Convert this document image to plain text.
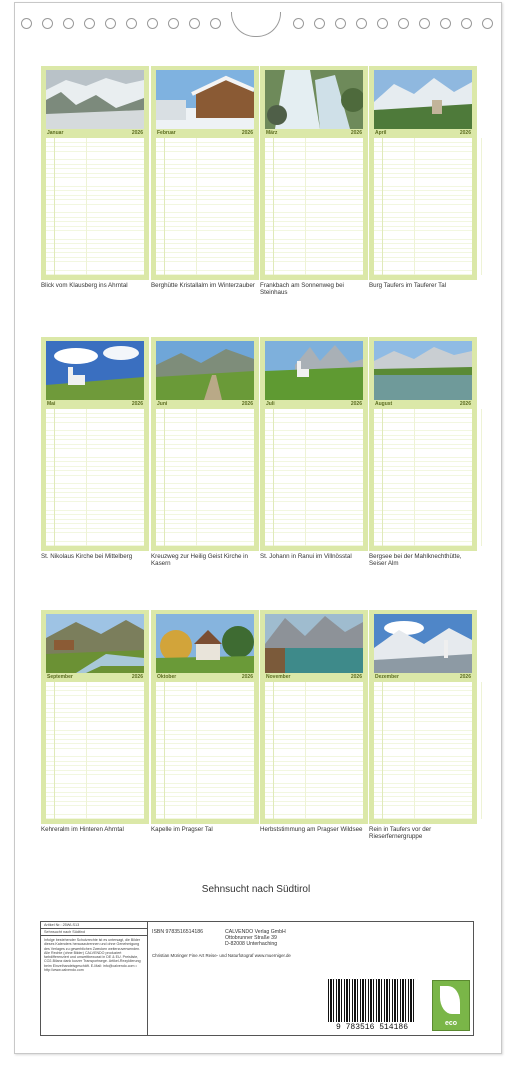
Januar	2026
Blick vom Klausberg ins Ahrntal
Februar	2026
Berghütte Kristallalm im Winterzauber
März	2026
Frankbach am Sonnenweg bei Steinhaus
April	2026
Burg Taufers im Tauferer Tal
Mai	2026
St. Nikolaus Kirche bei Mittelberg
Juni	2026
Kreuzweg zur Heilig Geist Kirche in Kasern
Juli	2026
St. Johann in Ranui im Villnösstal
August	2026
Bergsee bei der Mahlknechthütte, Seiser Alm
September	2026
Kehreralm im Hinteren Ahrntal
Oktober	2026
Kapelle im Pragser Tal
November	2026
Herbststimmung am Pragser Wildsee
Dezember	2026
Rein in Taufers vor der Rieserfernergruppe
Sehnsucht nach Südtirol
Artikel Nr.: 25WLS13
Sehnsucht nach Südtirol
Infolge bestehender Schutzrechte ist es untersagt, die Bilder dieses Kalenders herauszutrennen und ohne Genehmigung des Verlages zu gewerblichen Zwecken weiterzuverwenden. Alle Rechte (ohne Bilder) CALVENDO produziert farbdifferenziert und umweltbewusst in DE & EU. Preisliste, CO2-Bilanz dank kurzer Transportwege. Artikel-Rezyklierung beim Einzelhandelsgeschäft. E-Mail: info@calvendo.com • http://www.calvendo.com
ISBN 9783516514186	CALVENDO Verlag GmbH
Ottobrunner Straße 39
D-82008 Unterhaching
Christian Müringer Fine Art Reise- und Naturfotograf www.muerniger.de
9 783516 514186	eco
